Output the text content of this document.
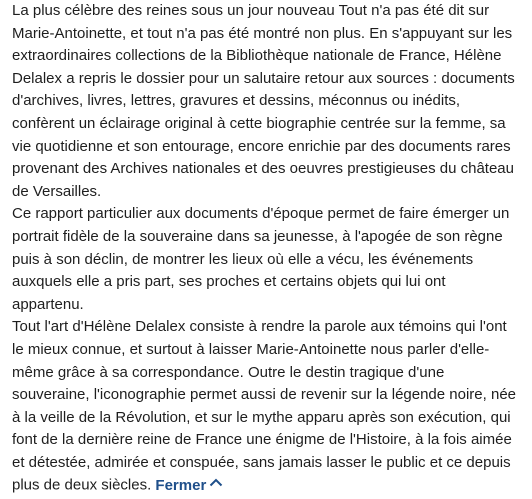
La plus célèbre des reines sous un jour nouveau Tout n'a pas été dit sur Marie-Antoinette, et tout n'a pas été montré non plus. En s'appuyant sur les extraordinaires collections de la Bibliothèque nationale de France, Hélène Delalex a repris le dossier pour un salutaire retour aux sources : documents d'archives, livres, lettres, gravures et dessins, méconnus ou inédits, confèrent un éclairage original à cette biographie centrée sur la femme, sa vie quotidienne et son entourage, encore enrichie par des documents rares provenant des Archives nationales et des oeuvres prestigieuses du château de Versailles.

Ce rapport particulier aux documents d'époque permet de faire émerger un portrait fidèle de la souveraine dans sa jeunesse, à l'apogée de son règne puis à son déclin, de montrer les lieux où elle a vécu, les événements auxquels elle a pris part, ses proches et certains objets qui lui ont appartenu.

Tout l'art d'Hélène Delalex consiste à rendre la parole aux témoins qui l'ont le mieux connue, et surtout à laisser Marie-Antoinette nous parler d'elle-même grâce à sa correspondance. Outre le destin tragique d'une souveraine, l'iconographie permet aussi de revenir sur la légende noire, née à la veille de la Révolution, et sur le mythe apparu après son exécution, qui font de la dernière reine de France une énigme de l'Histoire, à la fois aimée et détestée, admirée et conspuée, sans jamais lasser le public et ce depuis plus de deux siècles. Fermer
